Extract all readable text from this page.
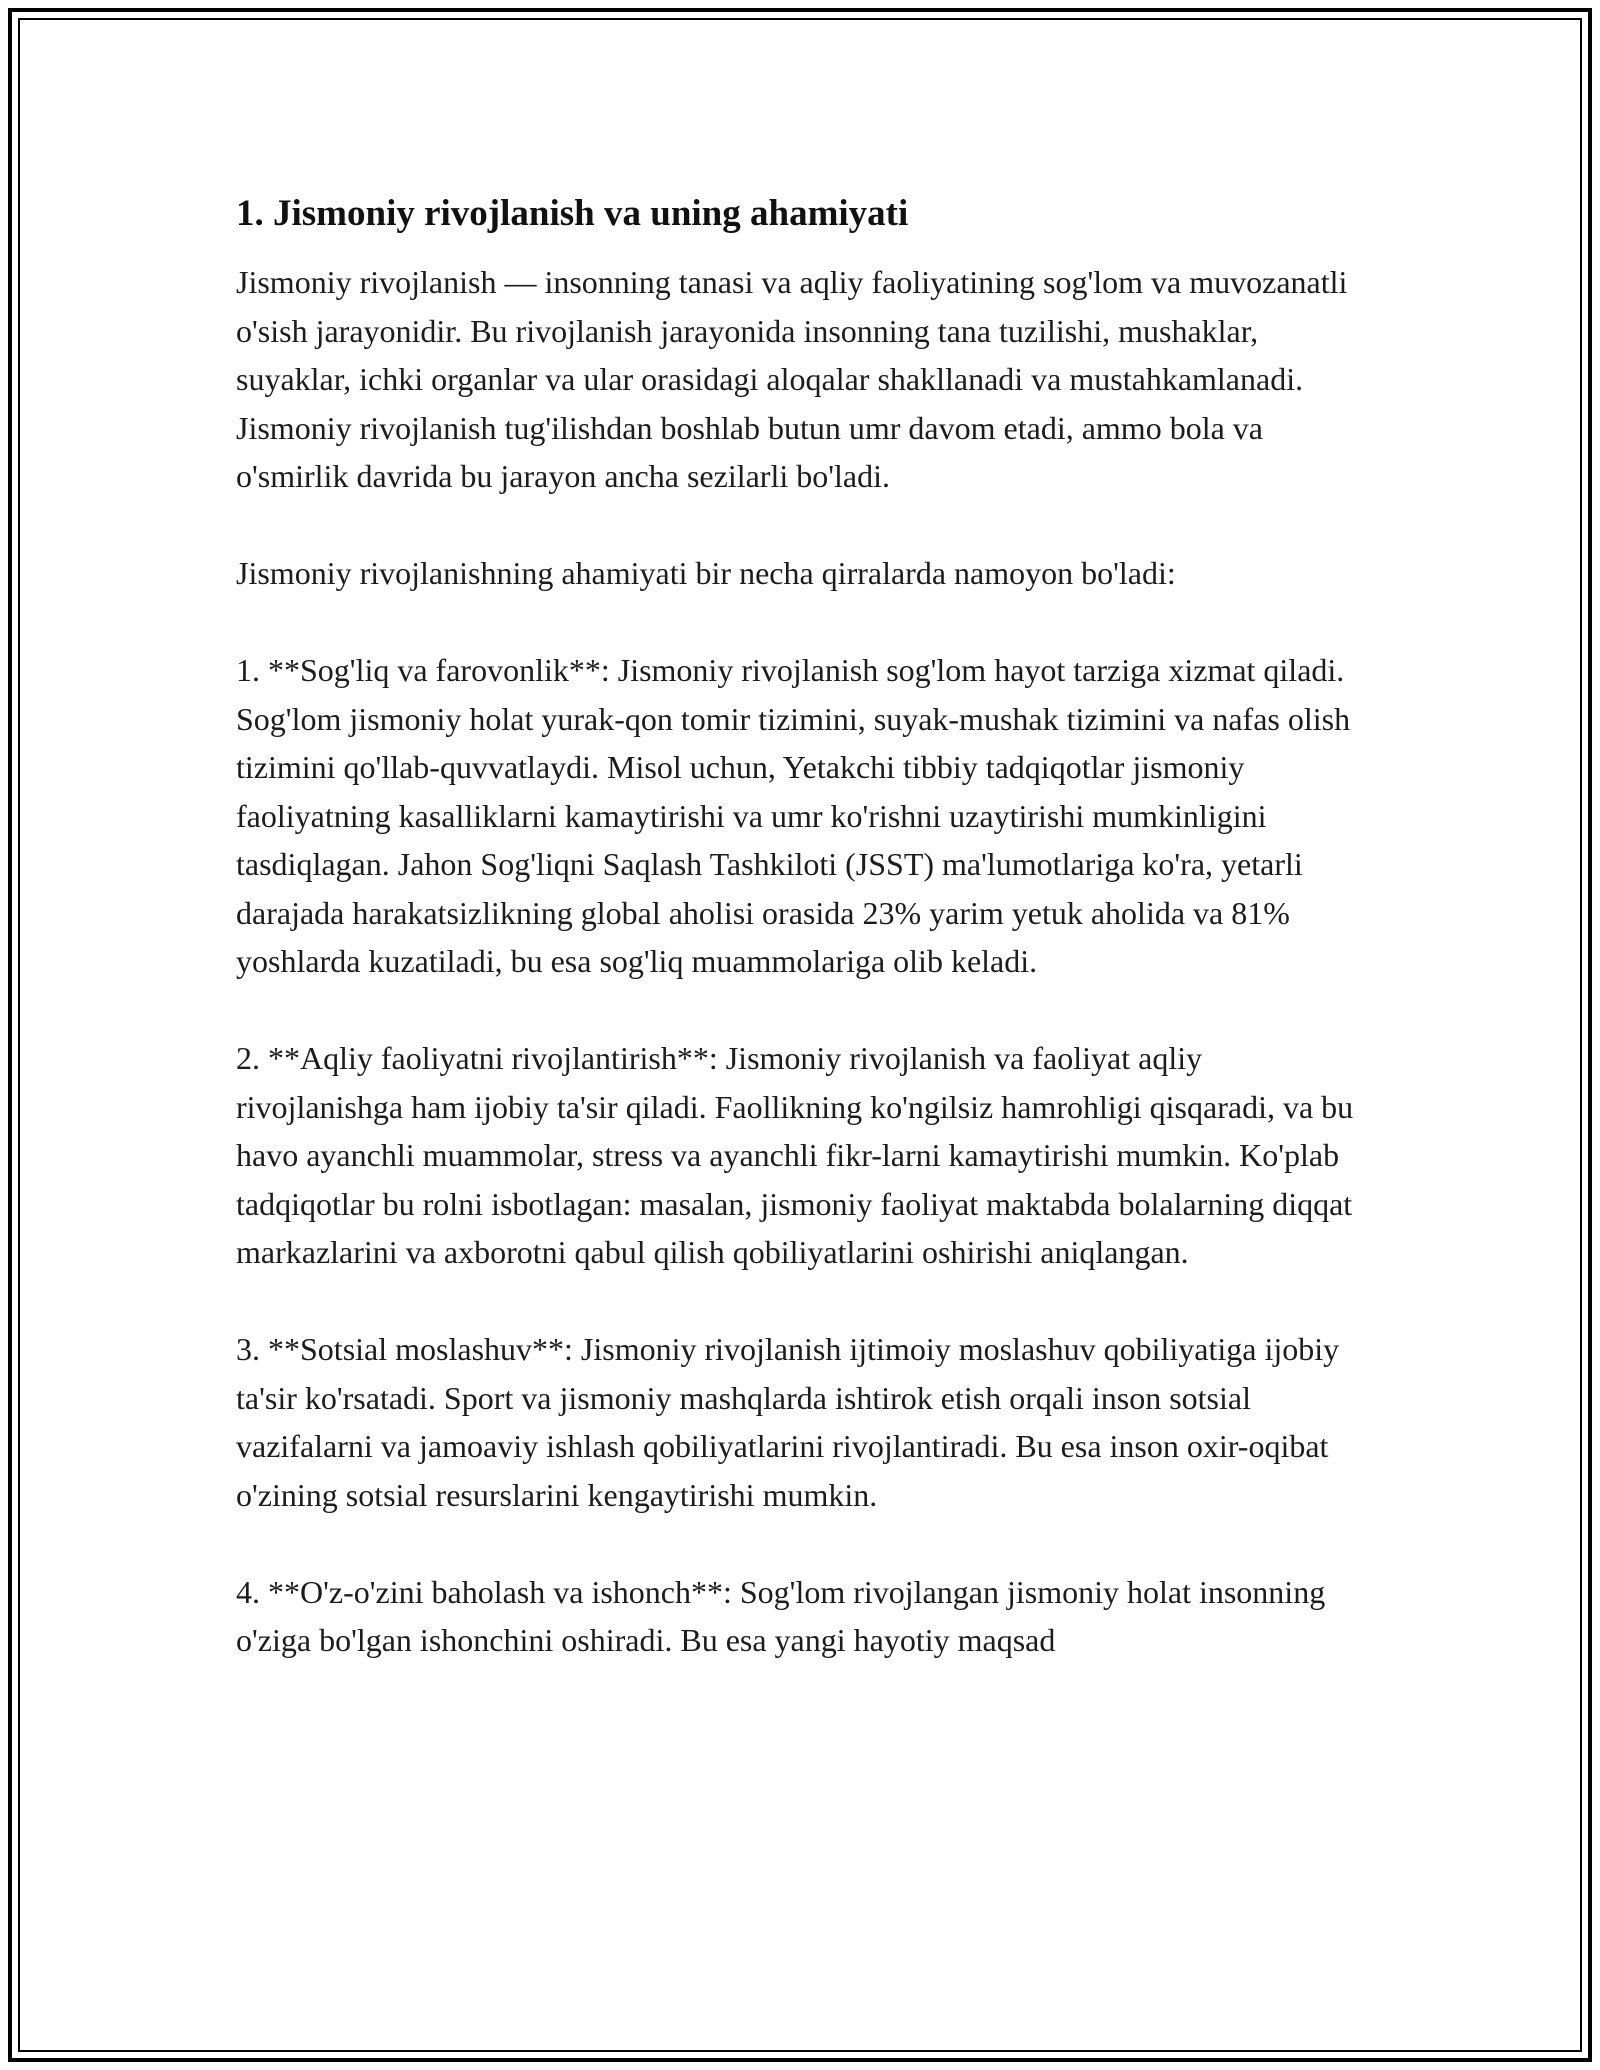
1. Jismoniy rivojlanish va uning ahamiyati

Jismoniy rivojlanish — insonning tanasi va aqliy faoliyatining sog'lom va muvozanatli o'sish jarayonidir. Bu rivojlanish jarayonida insonning tana tuzilishi, mushaklar, suyaklar, ichki organlar va ular orasidagi aloqalar shakllanadi va mustahkamlanadi. Jismoniy rivojlanish tug'ilishdan boshlab butun umr davom etadi, ammo bola va o'smirlik davrida bu jarayon ancha sezilarli bo'ladi.

Jismoniy rivojlanishning ahamiyati bir necha qirralarda namoyon bo'ladi:

1. **Sog'liq va farovonlik**: Jismoniy rivojlanish sog'lom hayot tarziga xizmat qiladi. Sog'lom jismoniy holat yurak-qon tomir tizimini, suyak-mushak tizimini va nafas olish tizimini qo'llab-quvvatlaydi. Misol uchun, Yetakchi tibbiy tadqiqotlar jismoniy faoliyatning kasalliklarni kamaytirishi va umr ko'rishni uzaytirishi mumkinligini tasdiqlagan. Jahon Sog'liqni Saqlash Tashkiloti (JSST) ma'lumotlariga ko'ra, yetarli darajada harakatsizlikning global aholisi orasida 23% yarim yetuk aholida va 81% yoshlarda kuzatiladi, bu esa sog'liq muammolariga olib keladi.

2. **Aqliy faoliyatni rivojlantirish**: Jismoniy rivojlanish va faoliyat aqliy rivojlanishga ham ijobiy ta'sir qiladi. Faollikning ko'ngilsiz hamrohligi qisqaradi, va bu havo ayanchli muammolar, stress va ayanchli fikr-larni kamaytirishi mumkin. Ko'plab tadqiqotlar bu rolni isbotlagan: masalan, jismoniy faoliyat maktabda bolalarning diqqat markazlarini va axborotni qabul qilish qobiliyatlarini oshirishi aniqlangan.

3. **Sotsial moslashuv**: Jismoniy rivojlanish ijtimoiy moslashuv qobiliyatiga ijobiy ta'sir ko'rsatadi. Sport va jismoniy mashqlarda ishtirok etish orqali inson sotsial vazifalarni va jamoaviy ishlash qobiliyatlarini rivojlantiradi. Bu esa inson oxir-oqibat o'zining sotsial resurslarini kengaytirishi mumkin.

4. **O'z-o'zini baholash va ishonch**: Sog'lom rivojlangan jismoniy holat insonning o'ziga bo'lgan ishonchini oshiradi. Bu esa yangi hayotiy maqsad
